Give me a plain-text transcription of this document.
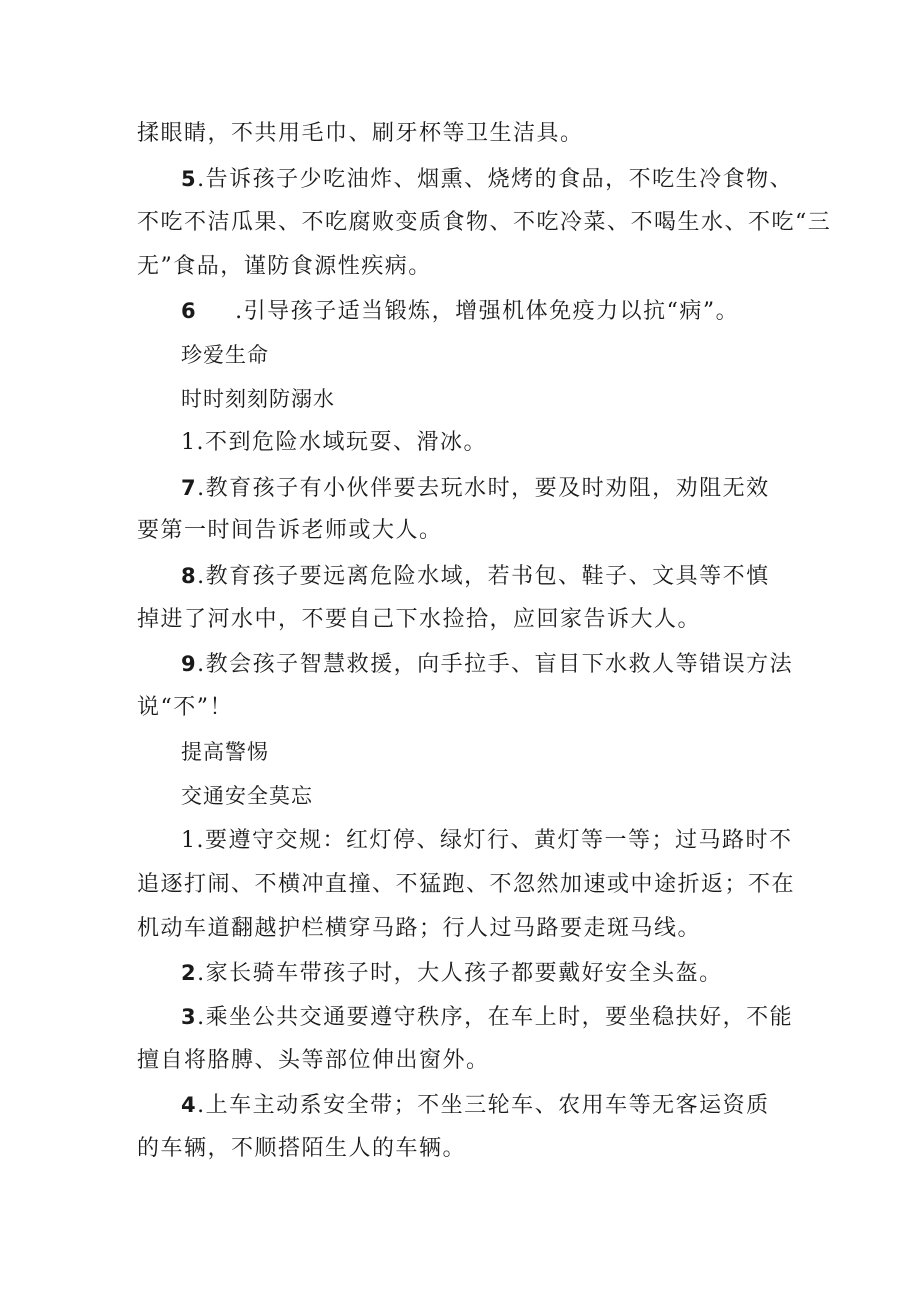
揉眼睛，不共用毛巾、刷牙杯等卫生洁具。
5.告诉孩子少吃油炸、烟熏、烧烤的食品，不吃生冷食物、
不吃不洁瓜果、不吃腐败变质食物、不吃冷菜、不喝生水、不吃“三
无”食品，谨防食源性疾病。
6 .引导孩子适当锻炼，增强机体免疫力以抗“病”。
珍爱生命
时时刻刻防溺水
1.不到危险水域玩耍、滑冰。
7.教育孩子有小伙伴要去玩水时，要及时劝阻，劝阻无效
要第一时间告诉老师或大人。
8.教育孩子要远离危险水域，若书包、鞋子、文具等不慎
掉进了河水中，不要自己下水捡拾，应回家告诉大人。
9.教会孩子智慧救援，向手拉手、盲目下水救人等错误方法
说“不”！
提高警惕
交通安全莫忘
1.要遵守交规：红灯停、绿灯行、黄灯等一等；过马路时不
追逐打闹、不横冲直撞、不猛跑、不忽然加速或中途折返；不在
机动车道翻越护栏横穿马路；行人过马路要走斑马线。
2.家长骑车带孩子时，大人孩子都要戴好安全头盔。
3.乘坐公共交通要遵守秩序，在车上时，要坐稳扶好，不能
擅自将胳膊、头等部位伸出窗外。
4.上车主动系安全带；不坐三轮车、农用车等无客运资质
的车辆，不顺搭陌生人的车辆。
